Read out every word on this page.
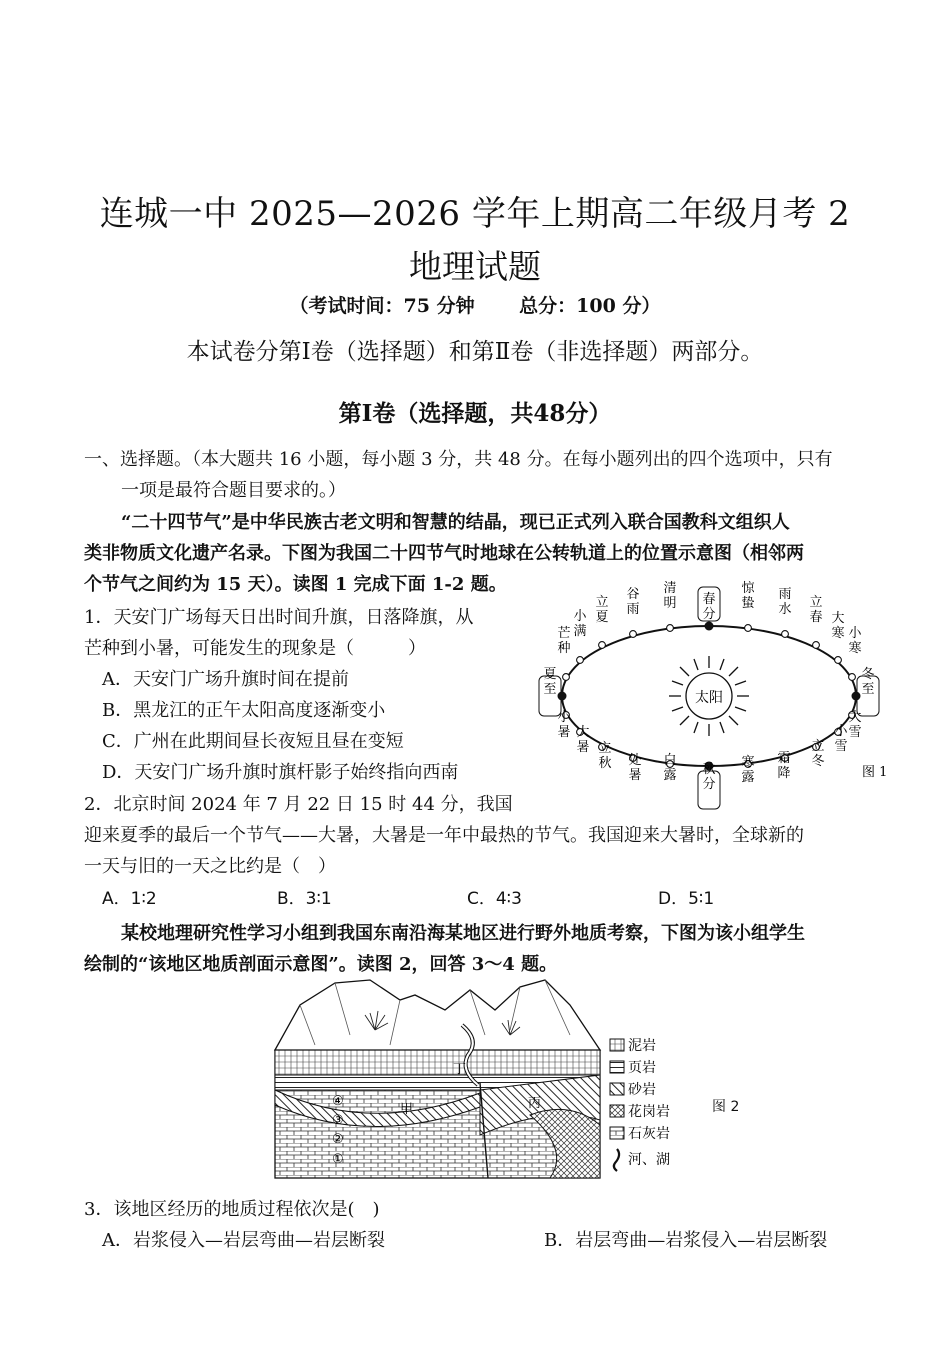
连城一中 2025—2026 学年上期高二年级月考 2
地理试题
（考试时间：75 分钟　　 总分：100 分）
本试卷分第Ⅰ卷（选择题）和第Ⅱ卷（非选择题）两部分。
第Ⅰ卷（选择题，共48分）
一、选择题。（本大题共 16 小题，每小题 3 分，共 48 分。在每小题列出的四个选项中，只有
一项是最符合题目要求的。）
“二十四节气”是中华民族古老文明和智慧的结晶，现已正式列入联合国教科文组织人
类非物质文化遗产名录。下图为我国二十四节气时地球在公转轨道上的位置示意图（相邻两
个节气之间约为 15 天）。读图 1 完成下面 1-2 题。
1．天安门广场每天日出时间升旗，日落降旗，从
芒种到小暑，可能发生的现象是（　　　）
A．天安门广场升旗时间在提前
B．黑龙江的正午太阳高度逐渐变小
C．广州在此期间昼长夜短且昼在变短
D．天安门广场升旗时旗杆影子始终指向西南
2．北京时间 2024 年 7 月 22 日 15 时 44 分，我国
迎来夏季的最后一个节气——大暑，大暑是一年中最热的节气。我国迎来大暑时，全球新的
一天与旧的一天之比约是（　）
A．1∶2	B．3∶1	C．4∶3	D．5∶1
太阳
春分
清明
谷雨
立夏
小满
芒种
夏至
小暑 大暑 立秋 处暑
白露 秋分
寒露
霜降
立冬
小雪
大雪
冬至
小寒
大寒
立春
雨水
惊蛰
图 1
某校地理研究性学习小组到我国东南沿海某地区进行野外地质考察，下图为该小组学生
绘制的“该地区地质剖面示意图”。读图 2，回答 3～4 题。
丁
甲	丙
④
③
②
①
泥岩
页岩
砂岩
花岗岩
石灰岩
河、湖
图 2
3．该地区经历的地质过程依次是(　)
A．岩浆侵入—岩层弯曲—岩层断裂	B．岩层弯曲—岩浆侵入—岩层断裂
